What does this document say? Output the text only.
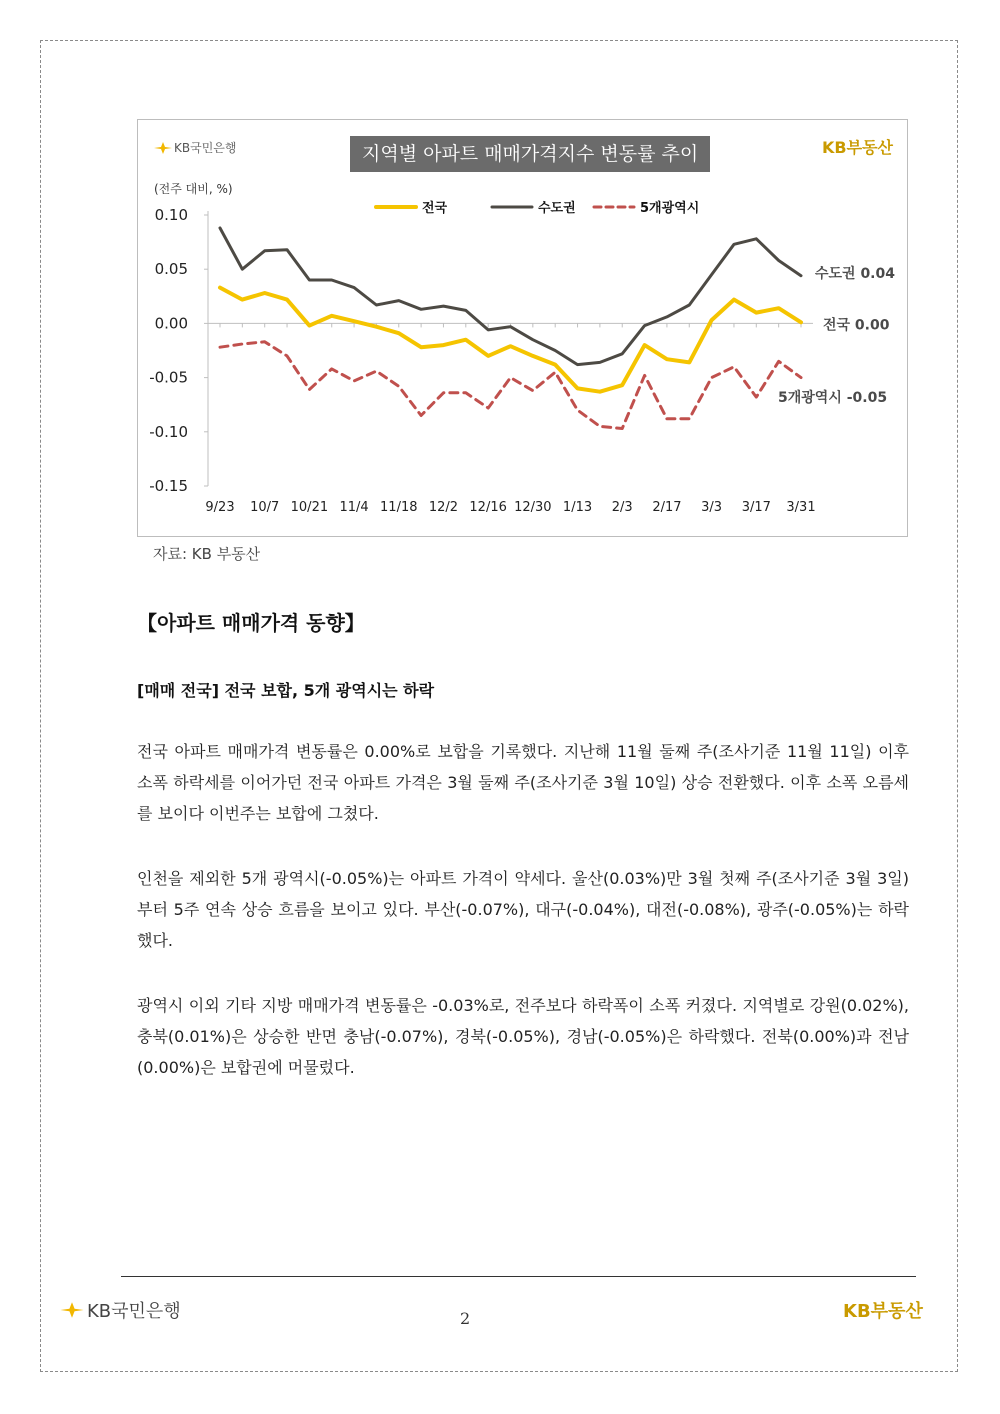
0.10
0.05
0.00
-0.05
-0.10
-0.15
9/23 10/7 10/21 11/4 11/18 12/2 12/16 12/30 1/13 2/3 2/17 3/3 3/17 3/31
전국 0.00
수도권 0.04
5개광역시 -0.05
전국	수도권	5개광역시
KB국민은행	지역별 아파트 매매가격지수 변동률 추이	KB부동산
(전주 대비, %)
자료: KB 부동산
【아파트 매매가격 동향】
[매매 전국] 전국 보합, 5개 광역시는 하락

전국 아파트 매매가격 변동률은 0.00%로 보합을 기록했다. 지난해 11월 둘째 주(조사기준 11월 11일) 이후 소폭 하락세를 이어가던 전국 아파트 가격은 3월 둘째 주(조사기준 3월 10일) 상승 전환했다. 이후 소폭 오름세를 보이다 이번주는 보합에 그쳤다.

인천을 제외한 5개 광역시(-0.05%)는 아파트 가격이 약세다. 울산(0.03%)만 3월 첫째 주(조사기준 3월 3일)부터 5주 연속 상승 흐름을 보이고 있다. 부산(-0.07%), 대구(-0.04%), 대전(-0.08%), 광주(-0.05%)는 하락했다.

광역시 이외 기타 지방 매매가격 변동률은 -0.03%로, 전주보다 하락폭이 소폭 커졌다. 지역별로 강원(0.02%), 충북(0.01%)은 상승한 반면 충남(-0.07%), 경북(-0.05%), 경남(-0.05%)은 하락했다. 전북(0.00%)과 전남(0.00%)은 보합권에 머물렀다.

KB국민은행	2	KB부동산
